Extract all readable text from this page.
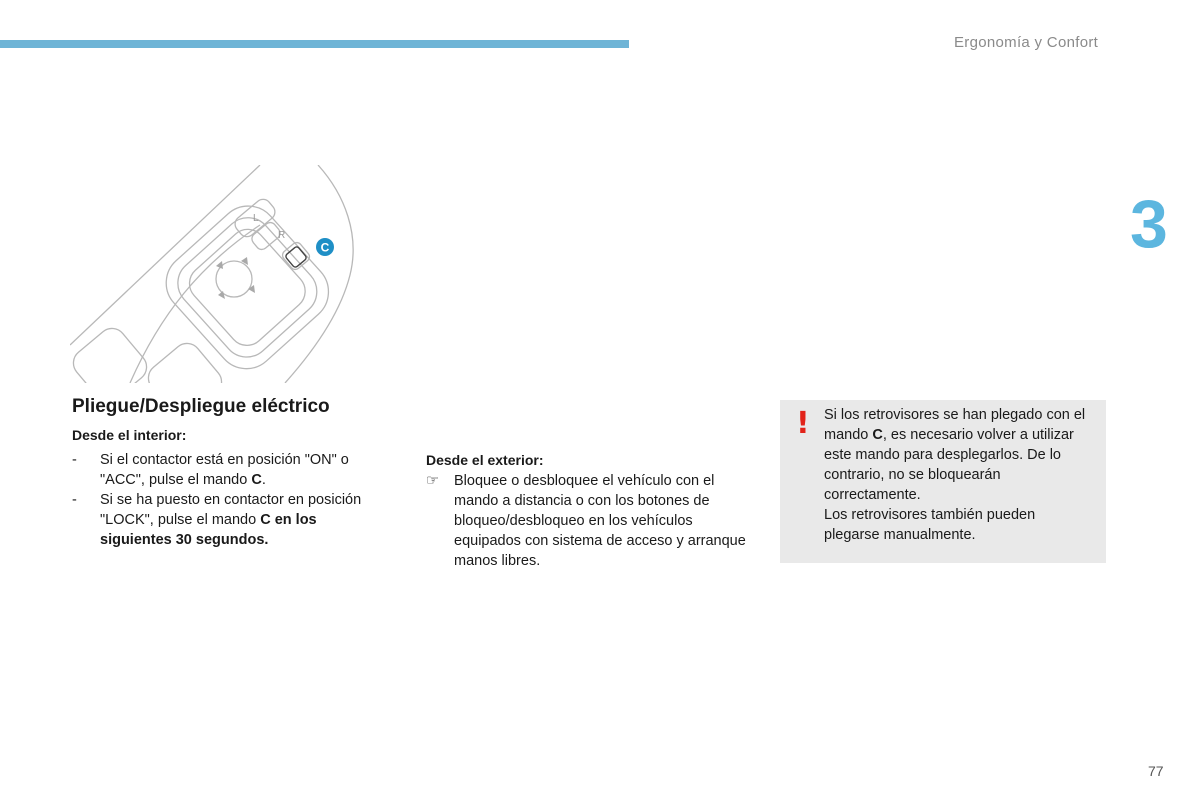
Ergonomía y Confort
3
L
R
C
Pliegue/Despliegue eléctrico
Desde el interior:
- Si el contactor está en posición "ON" o "ACC", pulse el mando C.
- Si se ha puesto en contactor en posición "LOCK", pulse el mando C en los siguientes 30 segundos.
Desde el exterior:
☞ Bloquee o desbloquee el vehículo con el mando a distancia o con los botones de bloqueo/desbloqueo en los vehículos equipados con sistema de acceso y arranque manos libres.
! Si los retrovisores se han plegado con el mando C, es necesario volver a utilizar este mando para desplegarlos. De lo contrario, no se bloquearán correctamente.

Los retrovisores también pueden plegarse manualmente.

77
